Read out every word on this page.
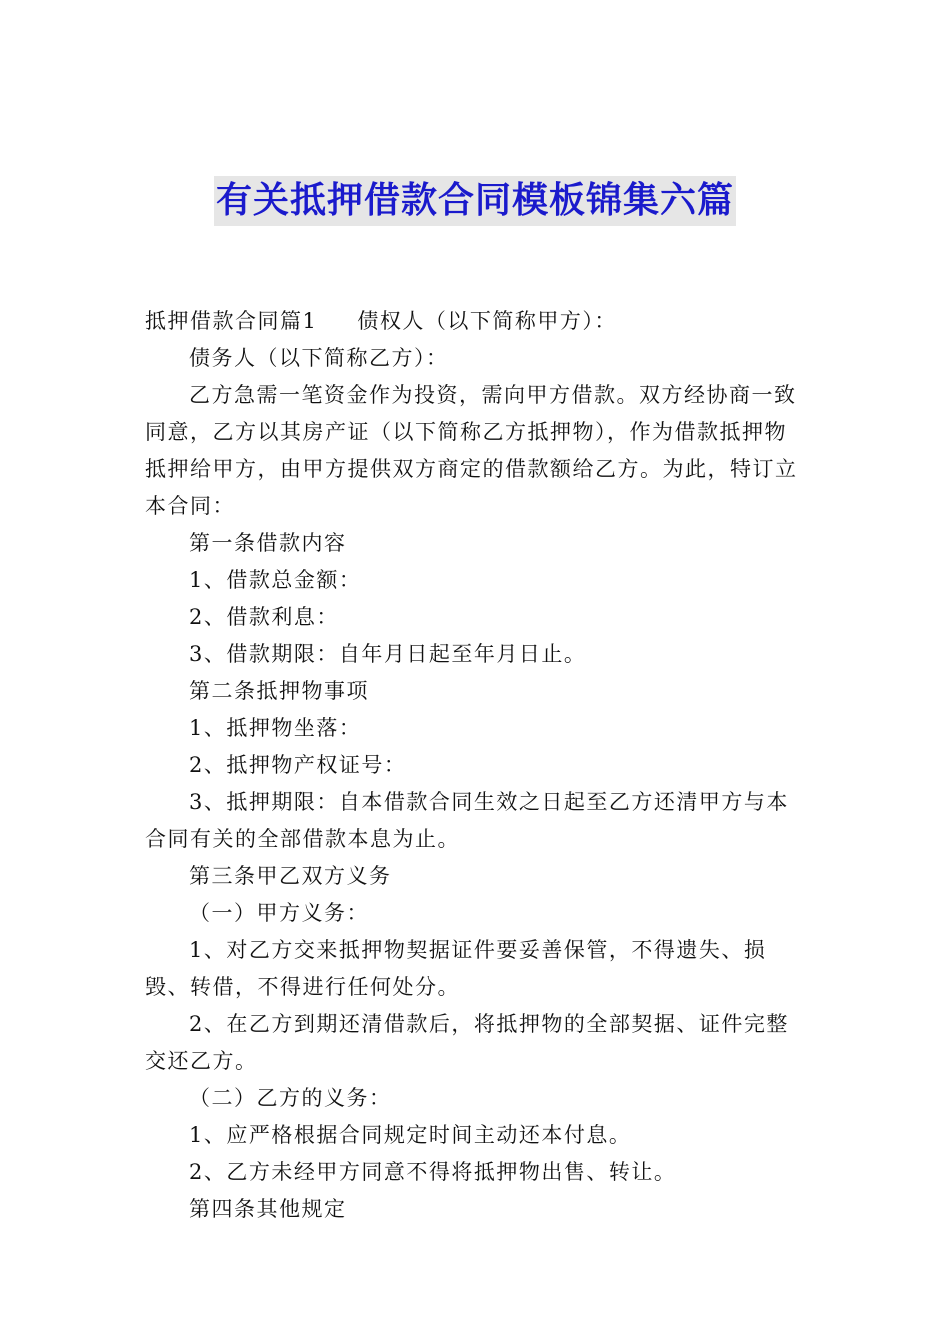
有关抵押借款合同模板锦集六篇

抵押借款合同篇1 债权人（以下简称甲方）：

债务人（以下简称乙方）：

乙方急需一笔资金作为投资，需向甲方借款。双方经协商一致同意，乙方以其房产证（以下简称乙方抵押物），作为借款抵押物抵押给甲方，由甲方提供双方商定的借款额给乙方。为此，特订立本合同：

第一条借款内容

1、借款总金额：

2、借款利息：

3、借款期限：自年月日起至年月日止。

第二条抵押物事项

1、抵押物坐落：

2、抵押物产权证号：

3、抵押期限：自本借款合同生效之日起至乙方还清甲方与本合同有关的全部借款本息为止。

第三条甲乙双方义务

（一）甲方义务：

1、对乙方交来抵押物契据证件要妥善保管，不得遗失、损毁、转借，不得进行任何处分。

2、在乙方到期还清借款后，将抵押物的全部契据、证件完整交还乙方。

（二）乙方的义务：

1、应严格根据合同规定时间主动还本付息。

2、乙方未经甲方同意不得将抵押物出售、转让。

第四条其他规定
